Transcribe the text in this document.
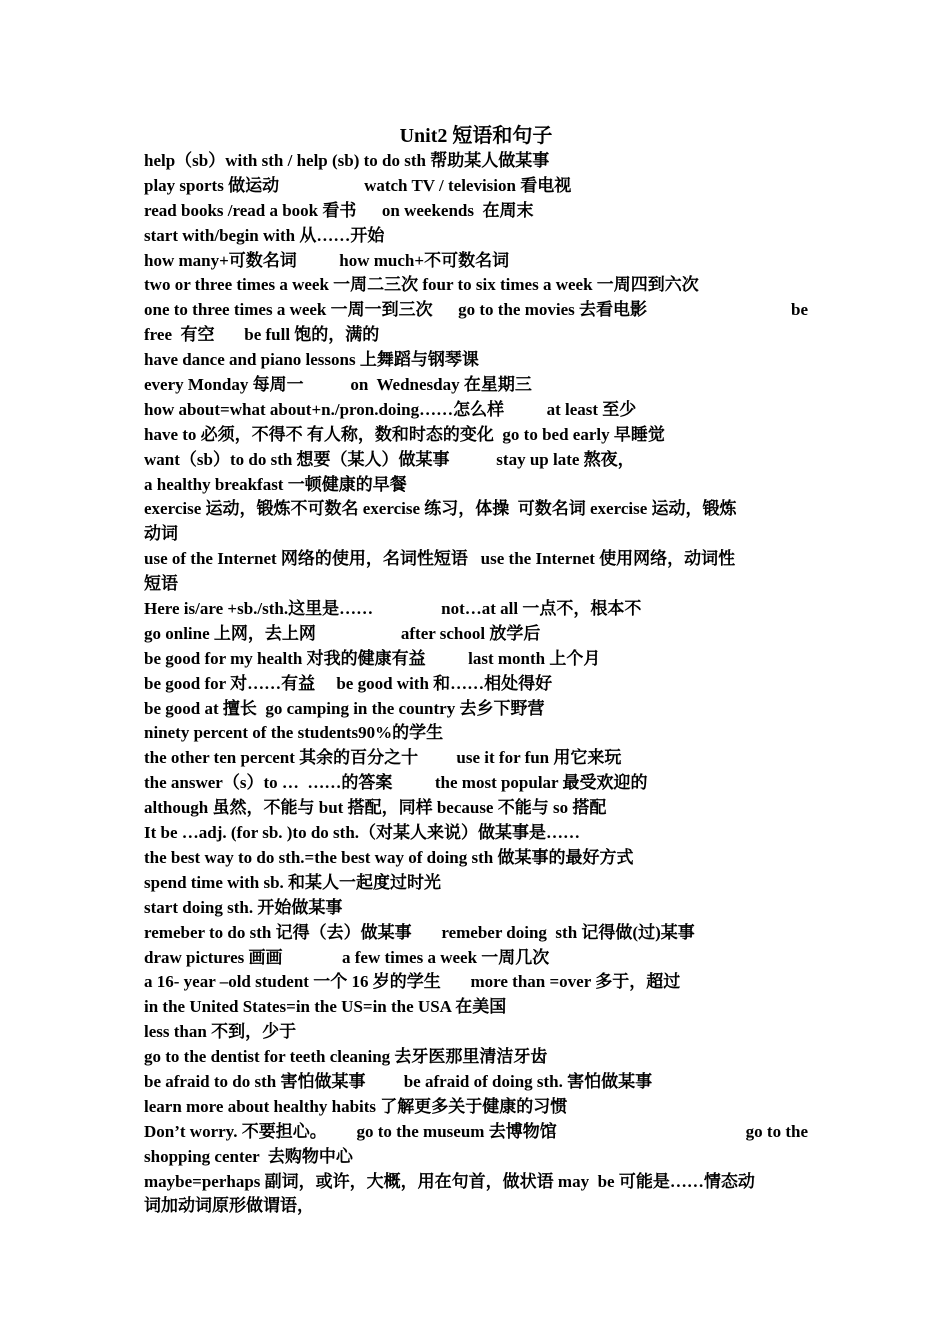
Unit2 短语和句子
help（sb）with sth / help (sb) to do sth 帮助某人做某事
play sports 做运动                    watch TV / television 看电视
read books /read a book 看书      on weekends  在周末
start with/begin with 从……开始
how many+可数名词          how much+不可数名词
two or three times a week 一周二三次 four to six times a week 一周四到六次
one to three times a week 一周一到三次      go to the movies 去看电影	be
free  有空       be full 饱的，满的
have dance and piano lessons 上舞蹈与钢琴课
every Monday 每周一           on  Wednesday 在星期三
how about=what about+n./pron.doing……怎么样          at least 至少
have to 必须，不得不 有人称，数和时态的变化  go to bed early 早睡觉
want（sb）to do sth 想要（某人）做某事           stay up late 熬夜，
a healthy breakfast 一顿健康的早餐
exercise 运动，锻炼不可数名 exercise 练习，体操  可数名词 exercise 运动，锻炼
动词
use of the Internet 网络的使用，名词性短语   use the Internet 使用网络，动词性
短语
Here is/are +sb./sth.这里是……                not…at all 一点不，根本不
go online 上网，去上网                    after school 放学后
be good for my health 对我的健康有益          last month 上个月
be good for 对……有益     be good with 和……相处得好
be good at 擅长  go camping in the country 去乡下野营
ninety percent of the students90%的学生
the other ten percent 其余的百分之十         use it for fun 用它来玩
the answer（s）to …  ……的答案          the most popular 最受欢迎的
although 虽然，不能与 but 搭配，同样 because 不能与 so 搭配
It be …adj. (for sb. )to do sth.（对某人来说）做某事是……
the best way to do sth.=the best way of doing sth 做某事的最好方式
spend time with sb. 和某人一起度过时光
start doing sth. 开始做某事
remeber to do sth 记得（去）做某事       remeber doing  sth 记得做(过)某事
draw pictures 画画              a few times a week 一周几次
a 16- year –old student 一个 16 岁的学生       more than =over 多于，超过
in the United States=in the US=in the USA 在美国
less than 不到，少于
go to the dentist for teeth cleaning 去牙医那里清洁牙齿
be afraid to do sth 害怕做某事         be afraid of doing sth. 害怕做某事
learn more about healthy habits 了解更多关于健康的习惯
Don’t worry. 不要担心。       go to the museum 去博物馆	go to the
shopping center  去购物中心
maybe=perhaps 副词，或许，大概，用在句首，做状语 may  be 可能是……情态动
词加动词原形做谓语，
